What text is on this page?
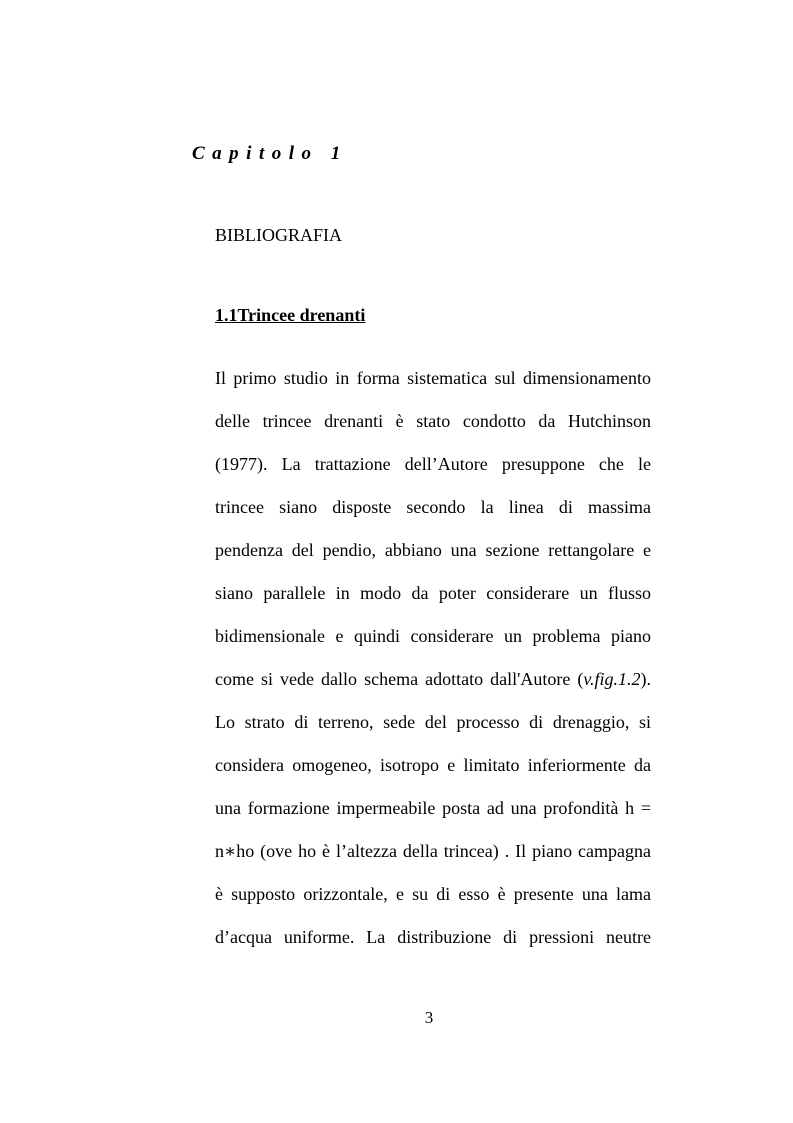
Capitolo 1

BIBLIOGRAFIA

1.1Trincee drenanti

Il primo studio in forma sistematica sul dimensionamento
delle trincee drenanti è stato condotto da Hutchinson
(1977). La trattazione dell’Autore presuppone che le
trincee siano disposte secondo la linea di massima
pendenza del pendio, abbiano una sezione rettangolare e
siano parallele in modo da poter considerare un flusso
bidimensionale e quindi considerare un problema piano
come si vede dallo schema adottato dall'Autore (v.fig.1.2).
Lo strato di terreno, sede del processo di drenaggio, si
considera omogeneo, isotropo e limitato inferiormente da
una formazione impermeabile posta ad una profondità h =
n∗ho (ove ho è l’altezza della trincea) . Il piano campagna
è supposto orizzontale, e su di esso è presente una lama
d’acqua uniforme. La distribuzione di pressioni neutre

3
